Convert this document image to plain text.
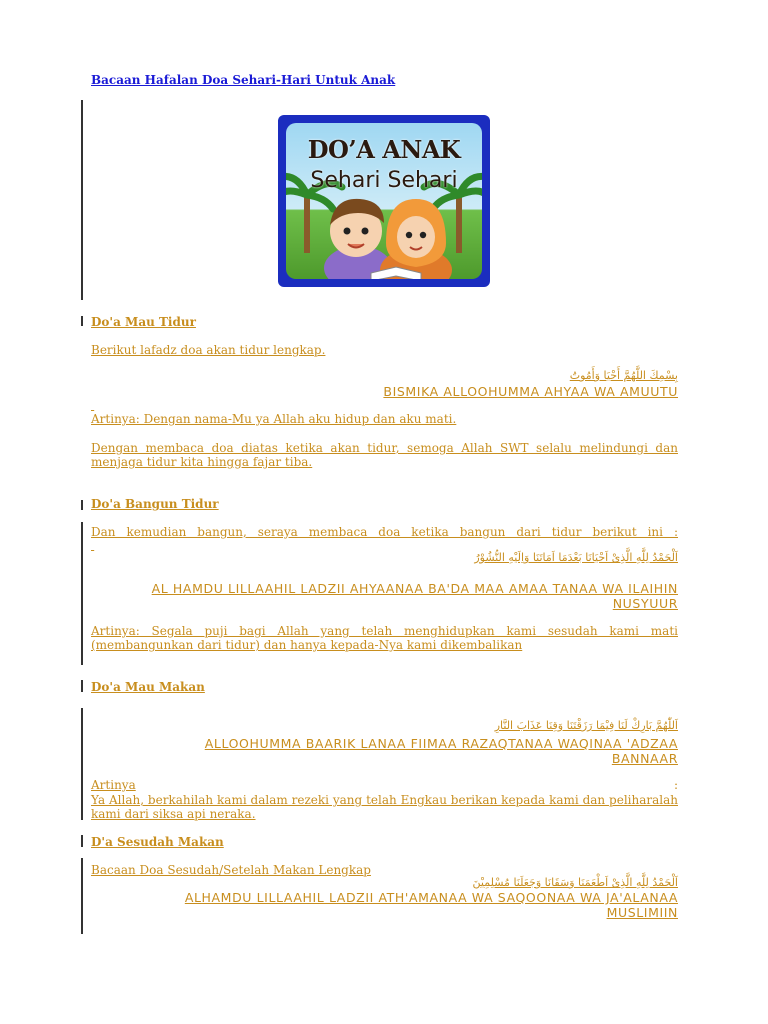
Bacaan Hafalan Doa Sehari-Hari Untuk Anak
DO’A ANAK
Sehari Sehari
Do'a Mau Tidur
Berikut lafadz doa akan tidur lengkap.
بِسْمِكَ اللَّهُمَّ أَحْيَا وَأَمُوتُ
BISMIKA ALLOOHUMMA AHYAA WA AMUUTU

Artinya: Dengan nama-Mu ya Allah aku hidup dan aku mati.
Dengan membaca doa diatas ketika akan tidur, semoga Allah SWT selalu melindungi dan menjaga tidur kita hingga fajar tiba.
Do'a Bangun Tidur
Dan kemudian bangun, seraya membaca doa ketika bangun dari tidur berikut ini :

اَلْحَمْدُ لِلَّهِ الَّذِىْ اَحْيَانَا بَعْدَمَا اَمَاتَنَا وَاِلَيْهِ النُّشُوْرُ
AL HAMDU LILLAAHIL LADZII AHYAANAA BA'DA MAA AMAA TANAA WA ILAIHIN NUSYUUR
Artinya: Segala puji bagi Allah yang telah menghidupkan kami sesudah kami mati (membangunkan dari tidur) dan hanya kepada-Nya kami dikembalikan
Do'a Mau Makan
اَللّٰهُمَّ بَارِكْ لَنَا فِيْمَا رَزَقْتَنَا وَقِنَا عَذَابَ النَّارِ
ALLOOHUMMA BAARIK LANAA FIIMAA RAZAQTANAA WAQINAA 'ADZAA BANNAAR
Artinya	:
Ya Allah, berkahilah kami dalam rezeki yang telah Engkau berikan kepada kami dan peliharalah kami dari siksa api neraka.
D'a Sesudah Makan
Bacaan Doa Sesudah/Setelah Makan Lengkap
اَلْحَمْدُ لِلَّهِ الَّذِىْ اَطْعَمَنَا وَسَقَانَا وَجَعَلَنَا مُسْلِمِيْنَ
ALHAMDU LILLAAHIL LADZII ATH'AMANAA WA SAQOONAA WA JA'ALANAA MUSLIMIIN
